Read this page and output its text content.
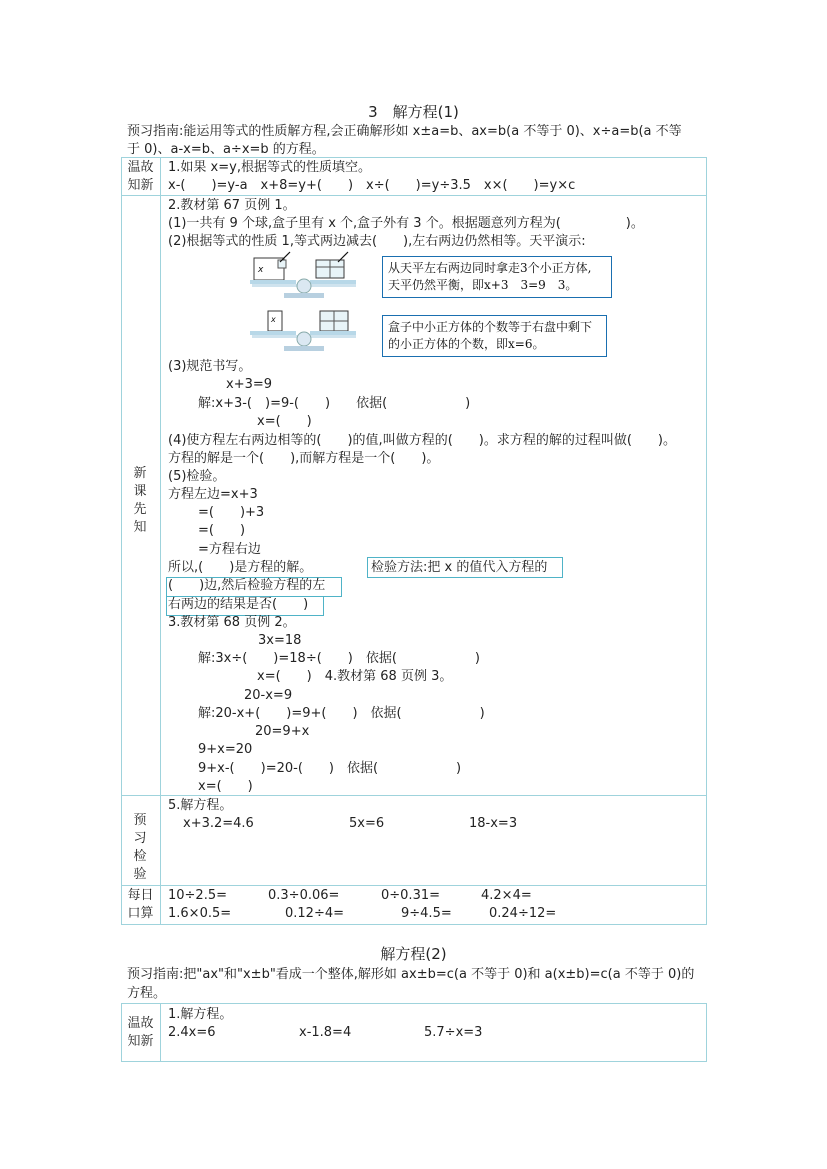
3　解方程(1)
预习指南:能运用等式的性质解方程,会正确解形如 x±a=b、ax=b(a 不等于 0)、x÷a=b(a 不等
于 0)、a-x=b、a÷x=b 的方程。
温故
知新
1.如果 x=y,根据等式的性质填空。
x-(　　)=y-a　x+8=y+(　　)　x÷(　　)=y÷3.5　x×(　　)=y×c
新
课
先
知
2.教材第 67 页例 1。
(1)一共有 9 个球,盒子里有 x 个,盒子外有 3 个。根据题意列方程为(　　　　　)。
(2)根据等式的性质 1,等式两边减去(　　),左右两边仍然相等。天平演示:
x
x
从天平左右两边同时拿走3个小正方体,
天平仍然平衡，即x+3　3=9　3。
盒子中小正方体的个数等于右盘中剩下
的小正方体的个数，即x=6。
(3)规范书写。
x+3=9
解:x+3-(　)=9-(　　)　　依据(　　　　　　)
x=(　　)
(4)使方程左右两边相等的(　　)的值,叫做方程的(　　)。求方程的解的过程叫做(　　)。
方程的解是一个(　　),而解方程是一个(　　)。
(5)检验。
方程左边=x+3
=(　　)+3
=(　　)
=方程右边
所以,(　　)是方程的解。	检验方法:把 x 的值代入方程的
(　　)边,然后检验方程的左
右两边的结果是否(　　)
3.教材第 68 页例 2。
3x=18
解:3x÷(　　)=18÷(　　)　依据(　　　　　　)
x=(　　)　4.教材第 68 页例 3。
20-x=9
解:20-x+(　　)=9+(　　)　依据(　　　　　　)
20=9+x
9+x=20
9+x-(　　)=20-(　　)　依据(　　　　　　)
x=(　　)
预
习
检
验
5.解方程。
x+3.2=4.6	5x=6	18-x=3
每日
口算
10÷2.5=	0.3÷0.06=	0÷0.31=	4.2×4=
1.6×0.5=	0.12÷4=	9÷4.5=	0.24÷12=
解方程(2)
预习指南:把"ax"和"x±b"看成一个整体,解形如 ax±b=c(a 不等于 0)和 a(x±b)=c(a 不等于 0)的
方程。
温故
知新
1.解方程。
2.4x=6	x-1.8=4	5.7÷x=3
